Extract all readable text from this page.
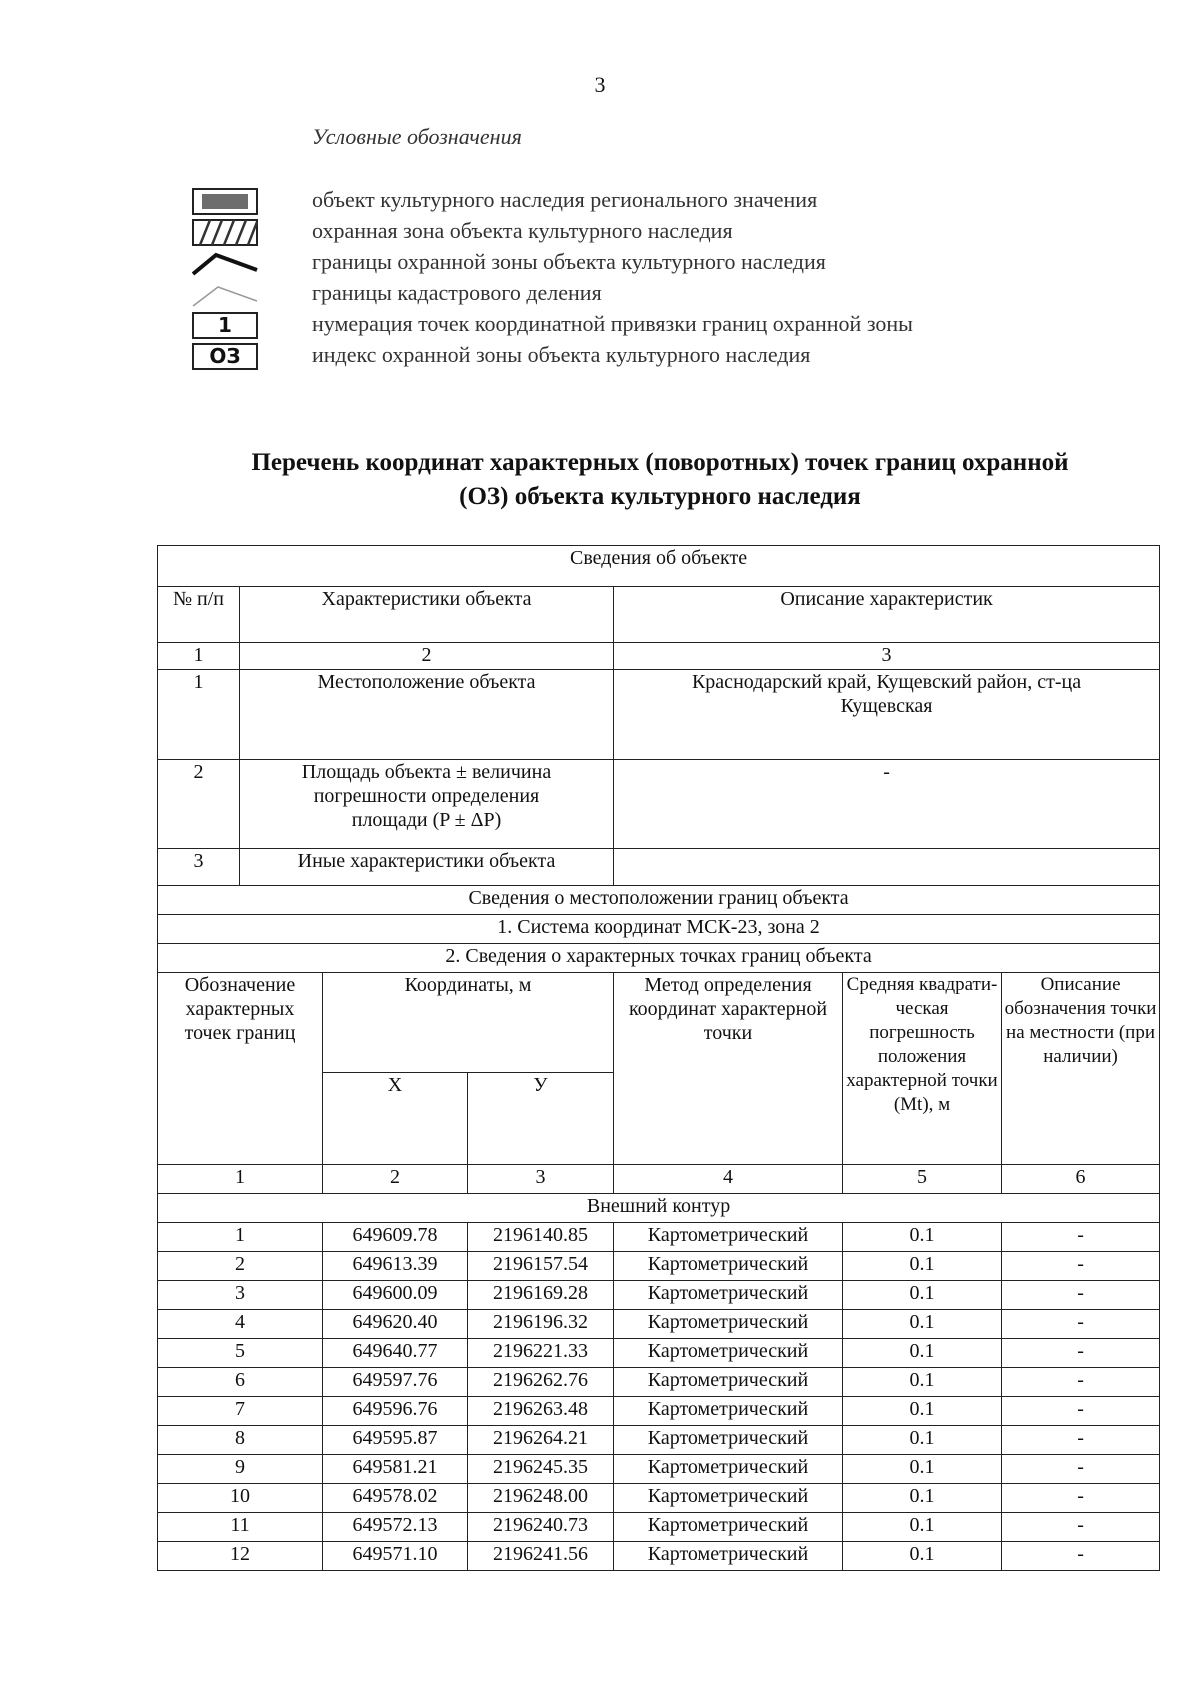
3
Условные обозначения
объект культурного наследия регионального значения
охранная зона объекта культурного наследия
границы охранной зоны объекта культурного наследия
границы кадастрового деления
1	нумерация точек координатной привязки границ охранной зоны
ОЗ	индекс охранной зоны объекта культурного наследия
Перечень координат характерных (поворотных) точек границ охранной
(ОЗ) объекта культурного наследия
Сведения об объекте						
№ п/п	Характеристики объекта			Описание характеристик		
1	2			3		
1	Местоположение объекта			Краснодарский край, Кущевский район, ст-ца Кущевская		
2	Площадь объекта ± величина погрешности определения площади (P ± ΔP)			-		
3	Иные характеристики объекта					
Сведения о местоположении границ объекта						
1. Система координат МСК-23, зона 2						
2. Сведения о характерных точках границ объекта						
Обозначение характерных точек границ		Координаты, м		Метод определения координат характерной точки	Средняя квадрати-ческая погрешность положения характерной точки (Mt), м	Описание обозначения точки на местности (при наличии)
		X	У			
1		2	3	4	5	6
Внешний контур						
1		649609.78	2196140.85	Картометрический	0.1	-
2		649613.39	2196157.54	Картометрический	0.1	-
3		649600.09	2196169.28	Картометрический	0.1	-
4		649620.40	2196196.32	Картометрический	0.1	-
5		649640.77	2196221.33	Картометрический	0.1	-
6		649597.76	2196262.76	Картометрический	0.1	-
7		649596.76	2196263.48	Картометрический	0.1	-
8		649595.87	2196264.21	Картометрический	0.1	-
9		649581.21	2196245.35	Картометрический	0.1	-
10		649578.02	2196248.00	Картометрический	0.1	-
11		649572.13	2196240.73	Картометрический	0.1	-
12		649571.10	2196241.56	Картометрический	0.1	-
